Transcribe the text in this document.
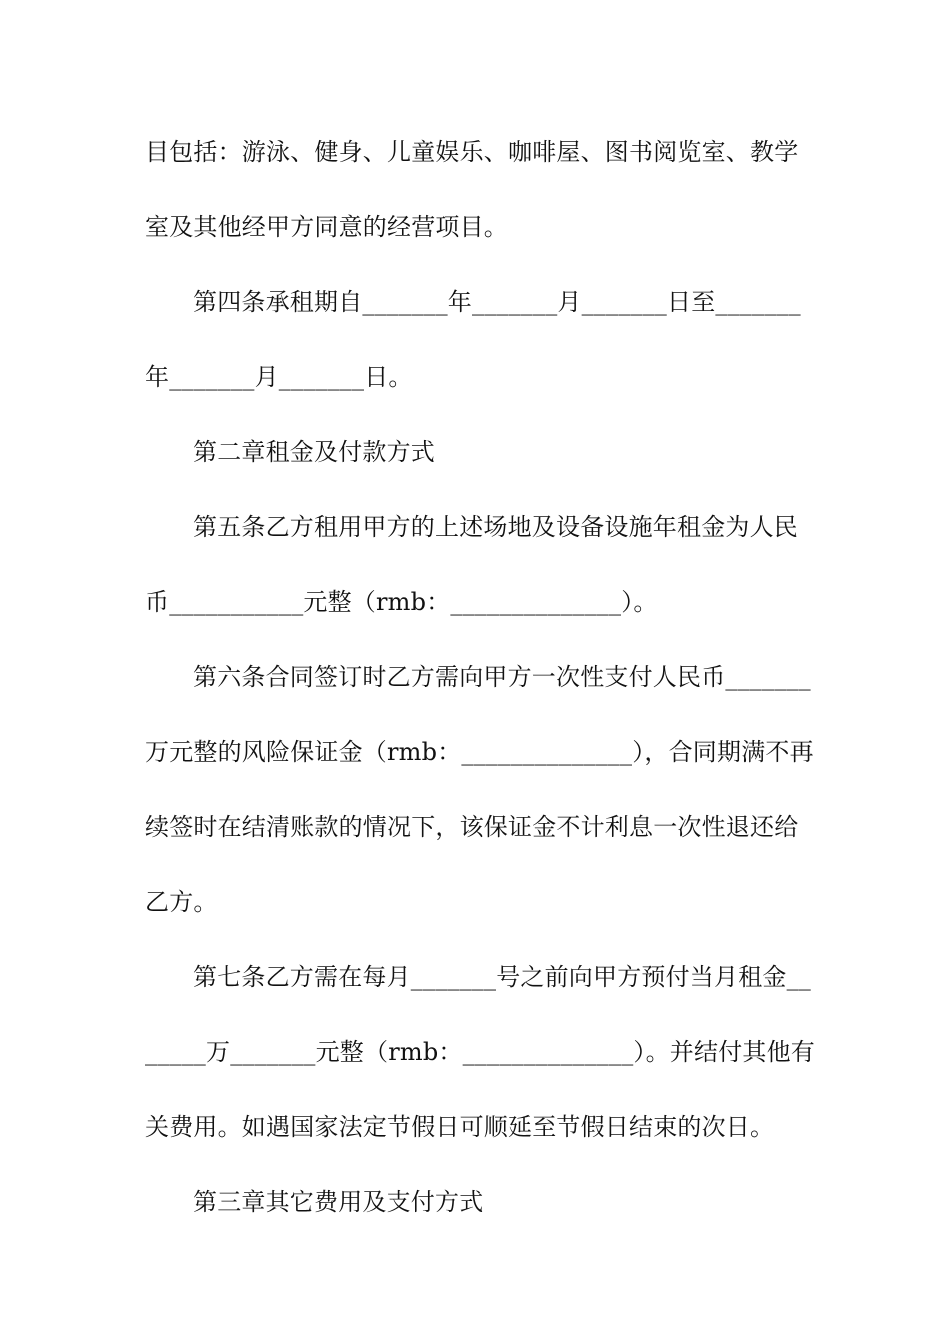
目包括：游泳、健身、儿童娱乐、咖啡屋、图书阅览室、教学
室及其他经甲方同意的经营项目。
第四条承租期自_______年_______月_______日至_______
年_______月_______日。
第二章租金及付款方式
第五条乙方租用甲方的上述场地及设备设施年租金为人民
币___________元整（rmb：______________）。
第六条合同签订时乙方需向甲方一次性支付人民币_______
万元整的风险保证金（rmb：______________），合同期满不再
续签时在结清账款的情况下，该保证金不计利息一次性退还给
乙方。
第七条乙方需在每月_______号之前向甲方预付当月租金__
_____万_______元整（rmb：______________）。并结付其他有
关费用。如遇国家法定节假日可顺延至节假日结束的次日。
第三章其它费用及支付方式
